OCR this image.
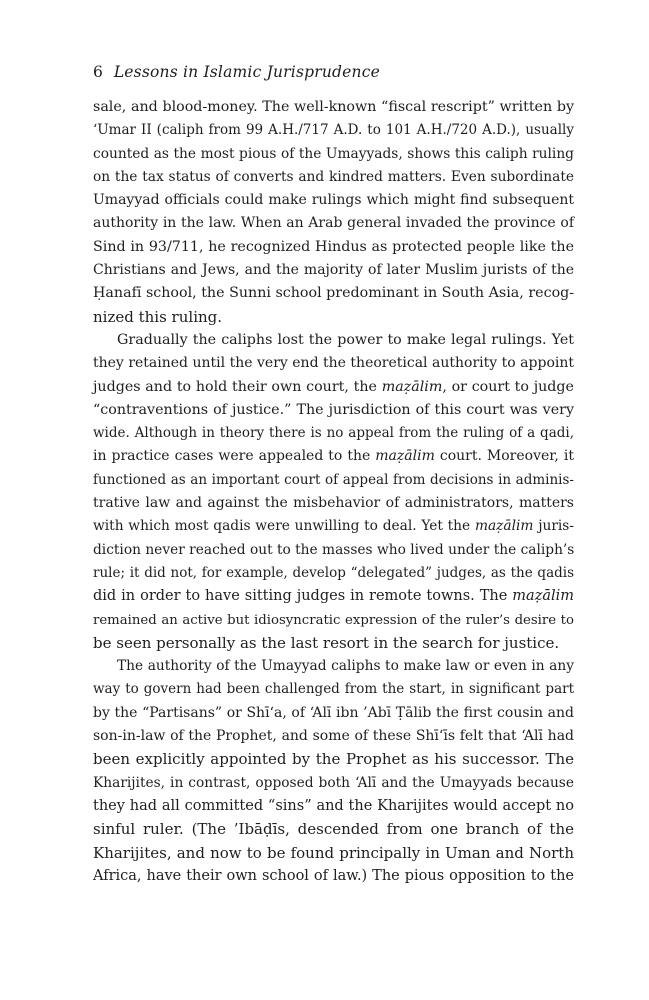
6 Lessons in Islamic Jurisprudence
sale, and blood-money. The well-known “fiscal rescript” written by
‘Umar II (caliph from 99 A.H./717 A.D. to 101 A.H./720 A.D.), usually
counted as the most pious of the Umayyads, shows this caliph ruling
on the tax status of converts and kindred matters. Even subordinate
Umayyad officials could make rulings which might find subsequent
authority in the law. When an Arab general invaded the province of
Sind in 93/711, he recognized Hindus as protected people like the
Christians and Jews, and the majority of later Muslim jurists of the
Ḥanafī school, the Sunni school predominant in South Asia, recog-
nized this ruling.
Gradually the caliphs lost the power to make legal rulings. Yet
they retained until the very end the theoretical authority to appoint
judges and to hold their own court, the maẓālim, or court to judge
“contraventions of justice.” The jurisdiction of this court was very
wide. Although in theory there is no appeal from the ruling of a qadi,
in practice cases were appealed to the maẓālim court. Moreover, it
functioned as an important court of appeal from decisions in adminis-
trative law and against the misbehavior of administrators, matters
with which most qadis were unwilling to deal. Yet the maẓālim juris-
diction never reached out to the masses who lived under the caliph’s
rule; it did not, for example, develop “delegated” judges, as the qadis
did in order to have sitting judges in remote towns. The maẓālim
remained an active but idiosyncratic expression of the ruler’s desire to
be seen personally as the last resort in the search for justice.
The authority of the Umayyad caliphs to make law or even in any
way to govern had been challenged from the start, in significant part
by the “Partisans” or Shī‘a, of ‘Alī ibn ’Abī Ṭālib the first cousin and
son-in-law of the Prophet, and some of these Shī‘īs felt that ‘Alī had
been explicitly appointed by the Prophet as his successor. The
Kharijites, in contrast, opposed both ‘Alī and the Umayyads because
they had all committed “sins” and the Kharijites would accept no
sinful ruler. (The ’Ibāḍīs, descended from one branch of the
Kharijites, and now to be found principally in Uman and North
Africa, have their own school of law.) The pious opposition to the
